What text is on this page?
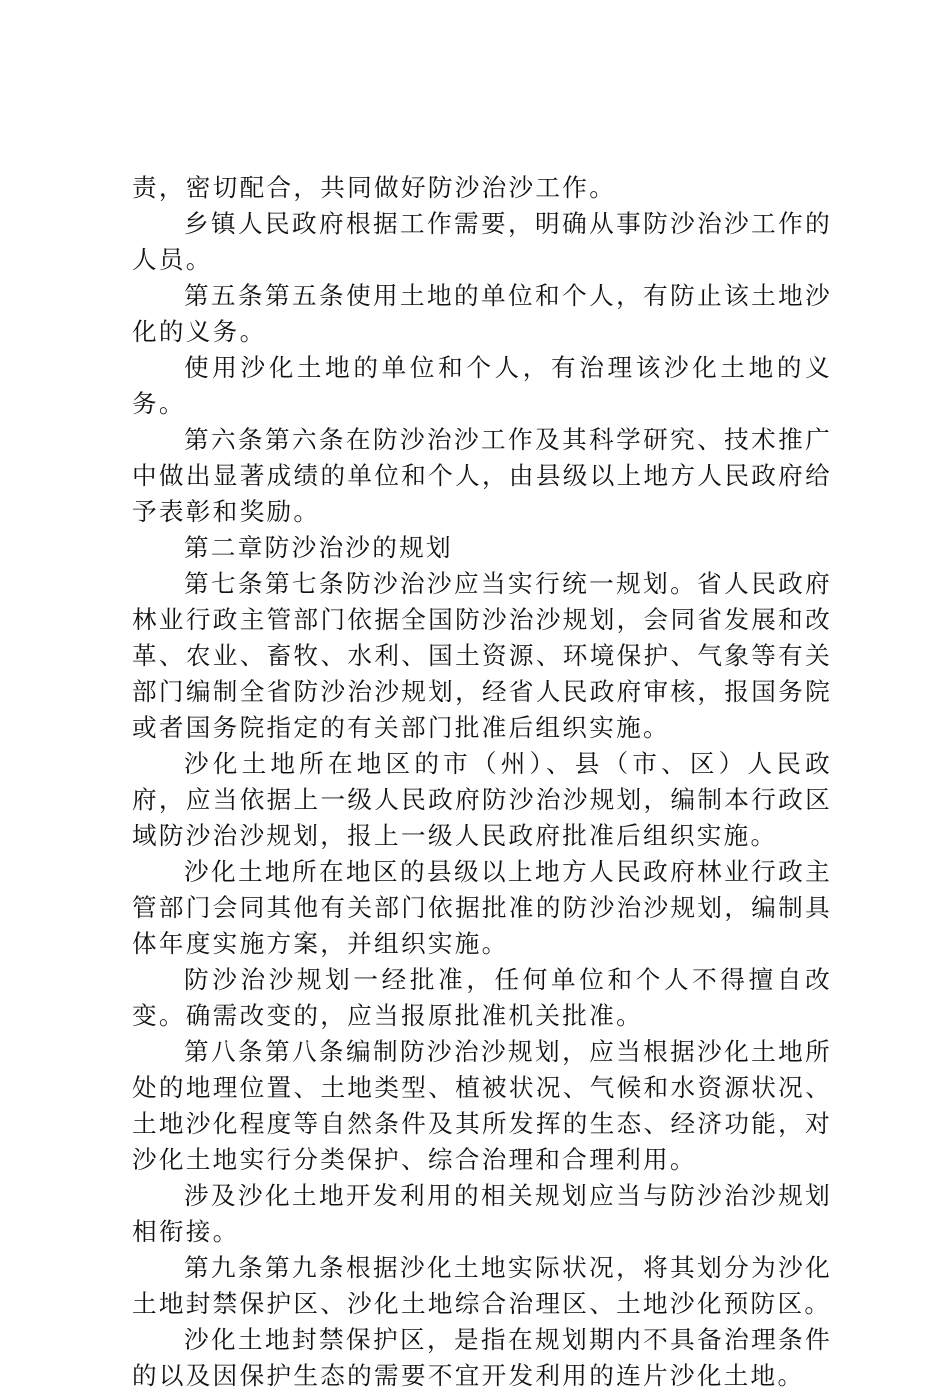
责，密切配合，共同做好防沙治沙工作。

乡镇人民政府根据工作需要，明确从事防沙治沙工作的人员。

第五条第五条使用土地的单位和个人，有防止该土地沙化的义务。

使用沙化土地的单位和个人，有治理该沙化土地的义务。

第六条第六条在防沙治沙工作及其科学研究、技术推广中做出显著成绩的单位和个人，由县级以上地方人民政府给予表彰和奖励。

第二章防沙治沙的规划

第七条第七条防沙治沙应当实行统一规划。省人民政府林业行政主管部门依据全国防沙治沙规划，会同省发展和改革、农业、畜牧、水利、国土资源、环境保护、气象等有关部门编制全省防沙治沙规划，经省人民政府审核，报国务院或者国务院指定的有关部门批准后组织实施。

沙化土地所在地区的市（州）、县（市、区）人民政府，应当依据上一级人民政府防沙治沙规划，编制本行政区域防沙治沙规划，报上一级人民政府批准后组织实施。

沙化土地所在地区的县级以上地方人民政府林业行政主管部门会同其他有关部门依据批准的防沙治沙规划，编制具体年度实施方案，并组织实施。

防沙治沙规划一经批准，任何单位和个人不得擅自改变。确需改变的，应当报原批准机关批准。

第八条第八条编制防沙治沙规划，应当根据沙化土地所处的地理位置、土地类型、植被状况、气候和水资源状况、土地沙化程度等自然条件及其所发挥的生态、经济功能，对沙化土地实行分类保护、综合治理和合理利用。

涉及沙化土地开发利用的相关规划应当与防沙治沙规划相衔接。

第九条第九条根据沙化土地实际状况，将其划分为沙化土地封禁保护区、沙化土地综合治理区、土地沙化预防区。

沙化土地封禁保护区，是指在规划期内不具备治理条件的以及因保护生态的需要不宜开发利用的连片沙化土地。
